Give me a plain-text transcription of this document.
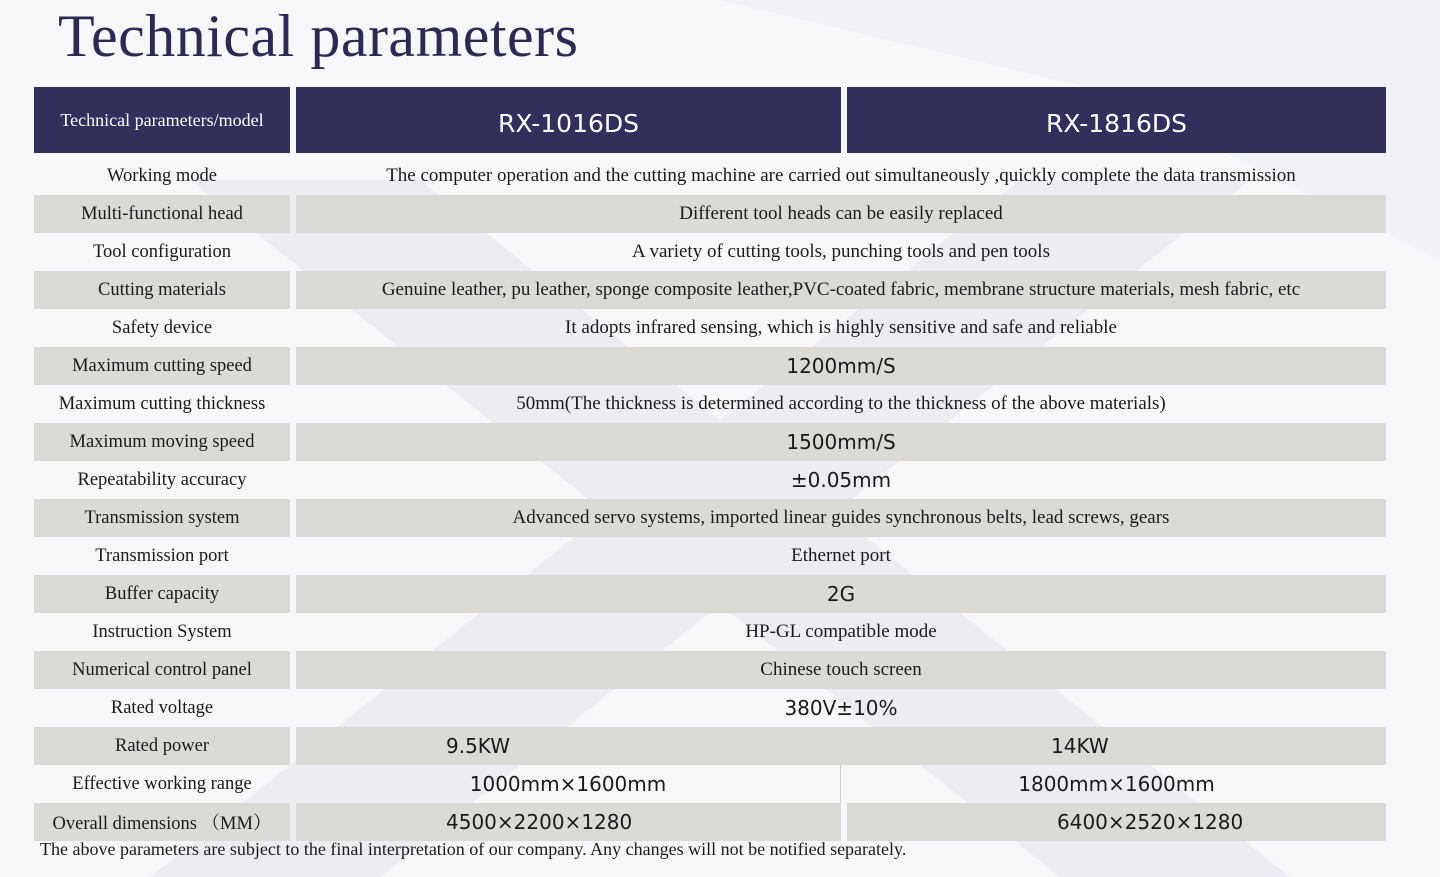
Technical parameters
Technical parameters/model	RX-1016DS	RX-1816DS
Working mode	The computer operation and the cutting machine are carried out simultaneously ,quickly complete the data transmission
Multi-functional head	Different tool heads can be easily replaced
Tool configuration	A variety of cutting tools, punching tools and pen tools
Cutting materials	Genuine leather, pu leather, sponge composite leather,PVC-coated fabric, membrane structure materials, mesh fabric, etc
Safety device	It adopts infrared sensing, which is highly sensitive and safe and reliable
Maximum cutting speed	1200mm/S
Maximum cutting thickness	50mm(The thickness is determined according to the thickness of the above materials)
Maximum moving speed	1500mm/S
Repeatability accuracy	±0.05mm
Transmission system	Advanced servo systems, imported linear guides synchronous belts, lead screws, gears
Transmission port	Ethernet port
Buffer capacity	2G
Instruction System	HP-GL compatible mode
Numerical control panel	Chinese touch screen
Rated voltage	380V±10%
Rated power	9.5KW	14KW
Effective working range	1000mm×1600mm	1800mm×1600mm
Overall dimensions （MM）	4500×2200×1280	6400×2520×1280

The above parameters are subject to the final interpretation of our company. Any changes will not be notified separately.
